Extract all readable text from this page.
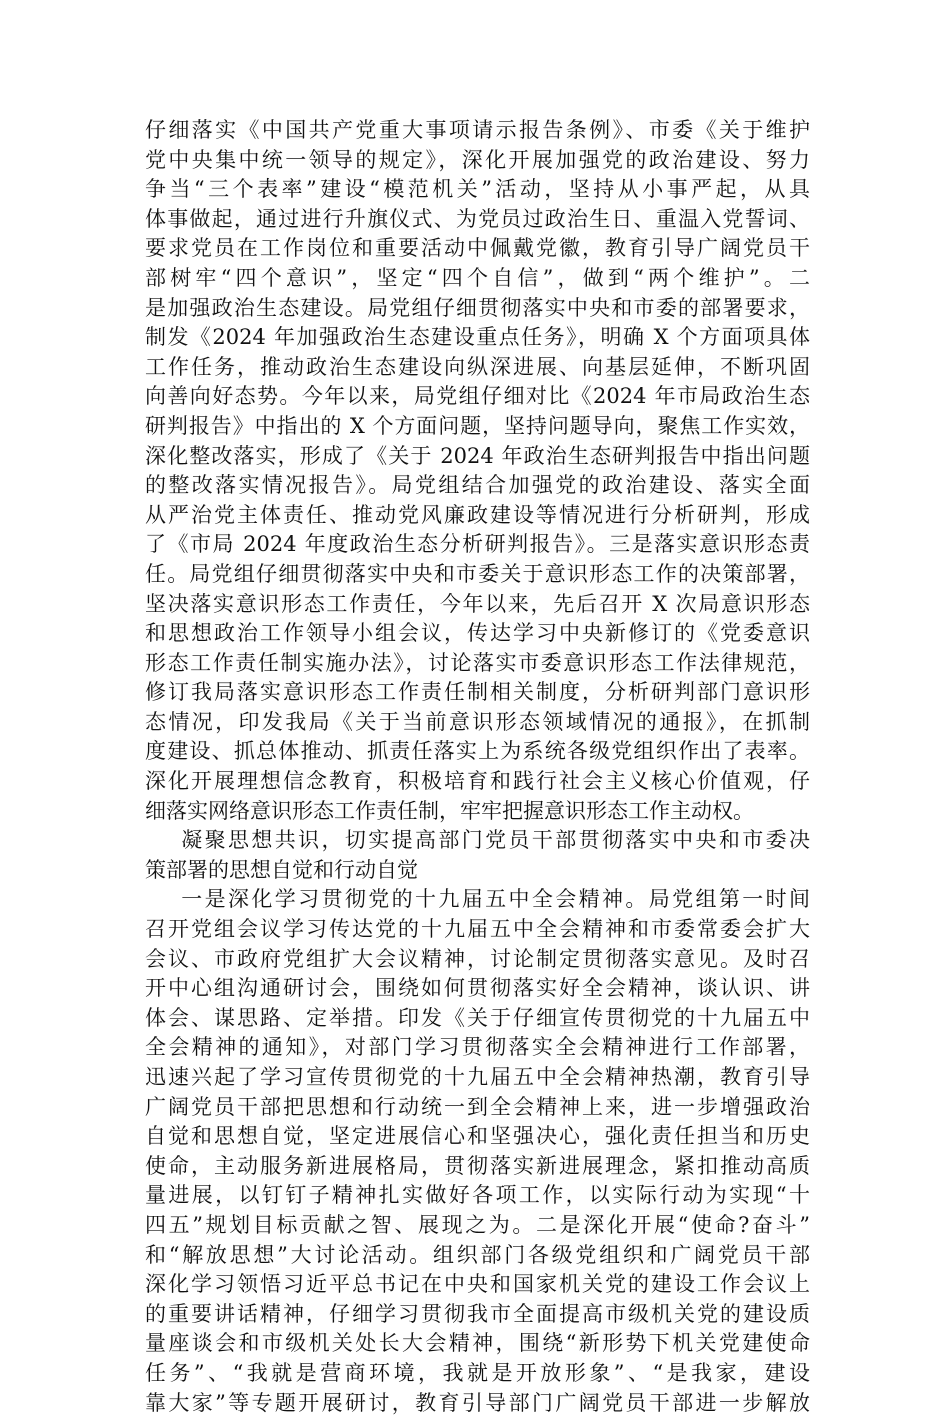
仔细落实《中国共产党重大事项请示报告条例》、市委《关于维护
党中央集中统一领导的规定》，深化开展加强党的政治建设、努力
争当“三个表率”建设“模范机关”活动，坚持从小事严起，从具
体事做起，通过进行升旗仪式、为党员过政治生日、重温入党誓词、
要求党员在工作岗位和重要活动中佩戴党徽，教育引导广阔党员干
部树牢“四个意识”，坚定“四个自信”，做到“两个维护”。二
是加强政治生态建设。局党组仔细贯彻落实中央和市委的部署要求，
制发《2024 年加强政治生态建设重点任务》，明确 X 个方面项具体
工作任务，推动政治生态建设向纵深进展、向基层延伸，不断巩固
向善向好态势。今年以来，局党组仔细对比《2024 年市局政治生态
研判报告》中指出的 X 个方面问题，坚持问题导向，聚焦工作实效，
深化整改落实，形成了《关于 2024 年政治生态研判报告中指出问题
的整改落实情况报告》。局党组结合加强党的政治建设、落实全面
从严治党主体责任、推动党风廉政建设等情况进行分析研判，形成
了《市局 2024 年度政治生态分析研判报告》。三是落实意识形态责
任。局党组仔细贯彻落实中央和市委关于意识形态工作的决策部署，
坚决落实意识形态工作责任，今年以来，先后召开 X 次局意识形态
和思想政治工作领导小组会议，传达学习中央新修订的《党委意识
形态工作责任制实施办法》，讨论落实市委意识形态工作法律规范，
修订我局落实意识形态工作责任制相关制度，分析研判部门意识形
态情况，印发我局《关于当前意识形态领域情况的通报》，在抓制
度建设、抓总体推动、抓责任落实上为系统各级党组织作出了表率。
深化开展理想信念教育，积极培育和践行社会主义核心价值观，仔
细落实网络意识形态工作责任制，牢牢把握意识形态工作主动权。
凝聚思想共识，切实提高部门党员干部贯彻落实中央和市委决
策部署的思想自觉和行动自觉
一是深化学习贯彻党的十九届五中全会精神。局党组第一时间
召开党组会议学习传达党的十九届五中全会精神和市委常委会扩大
会议、市政府党组扩大会议精神，讨论制定贯彻落实意见。及时召
开中心组沟通研讨会，围绕如何贯彻落实好全会精神，谈认识、讲
体会、谋思路、定举措。印发《关于仔细宣传贯彻党的十九届五中
全会精神的通知》，对部门学习贯彻落实全会精神进行工作部署，
迅速兴起了学习宣传贯彻党的十九届五中全会精神热潮，教育引导
广阔党员干部把思想和行动统一到全会精神上来，进一步增强政治
自觉和思想自觉，坚定进展信心和坚强决心，强化责任担当和历史
使命，主动服务新进展格局，贯彻落实新进展理念，紧扣推动高质
量进展，以钉钉子精神扎实做好各项工作，以实际行动为实现“十
四五”规划目标贡献之智、展现之为。二是深化开展“使命?奋斗”
和“解放思想”大讨论活动。组织部门各级党组织和广阔党员干部
深化学习领悟习近平总书记在中央和国家机关党的建设工作会议上
的重要讲话精神，仔细学习贯彻我市全面提高市级机关党的建设质
量座谈会和市级机关处长大会精神，围绕“新形势下机关党建使命
任务”、“我就是营商环境，我就是开放形象”、“是我家，建设
靠大家”等专题开展研讨，教育引导部门广阔党员干部进一步解放
